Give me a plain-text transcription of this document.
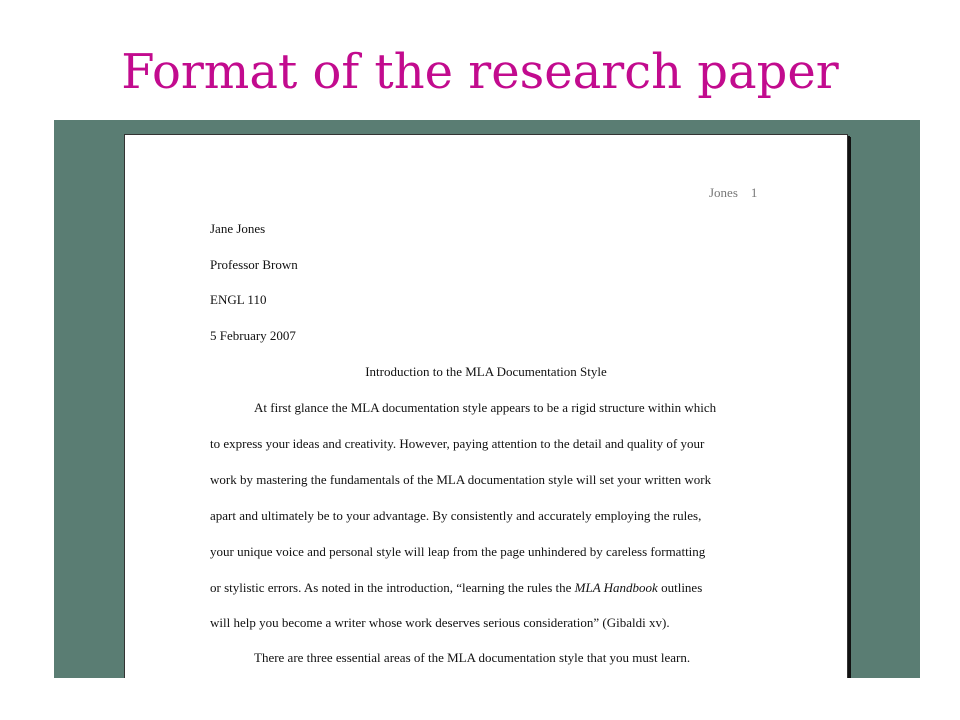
Format of the research paper
Jones 1
Jane Jones
Professor Brown
ENGL 110
5 February 2007
Introduction to the MLA Documentation Style
At first glance the MLA documentation style appears to be a rigid structure within which
to express your ideas and creativity. However, paying attention to the detail and quality of your
work by mastering the fundamentals of the MLA documentation style will set your written work
apart and ultimately be to your advantage. By consistently and accurately employing the rules,
your unique voice and personal style will leap from the page unhindered by careless formatting
or stylistic errors. As noted in the introduction, “learning the rules the MLA Handbook outlines
will help you become a writer whose work deserves serious consideration” (Gibaldi xv).
There are three essential areas of the MLA documentation style that you must learn.
